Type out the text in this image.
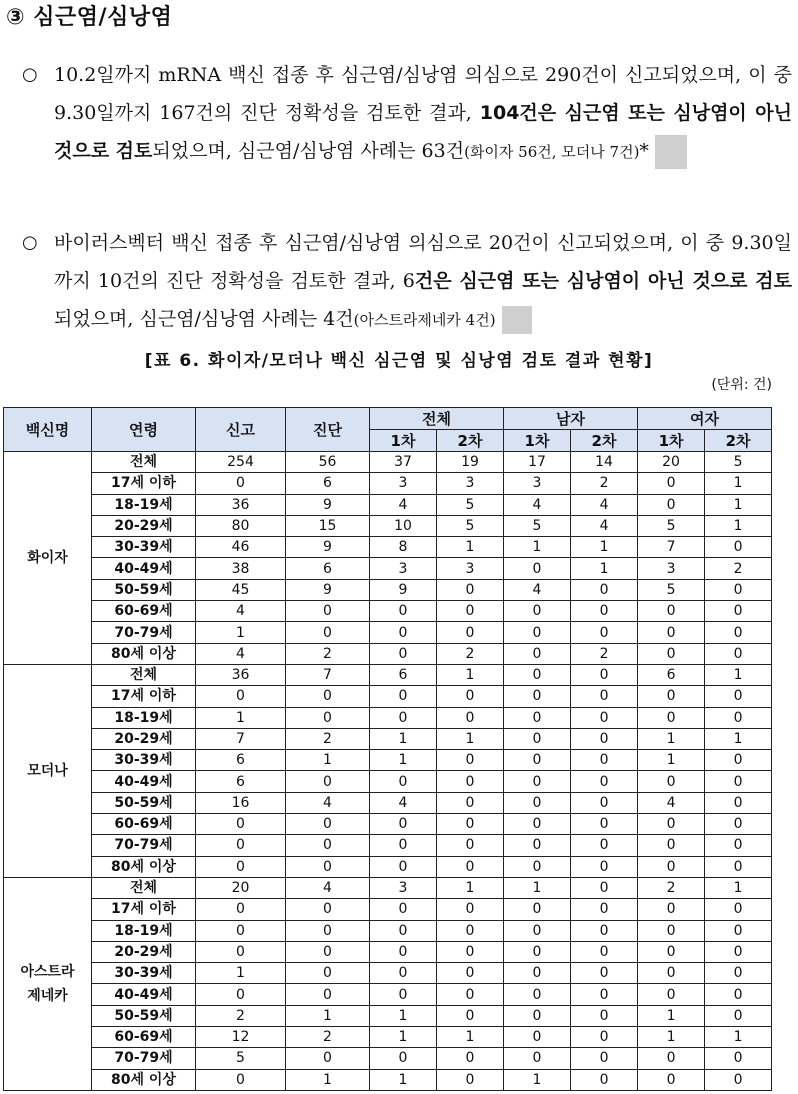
③ 심근염/심낭염
○ 10.2일까지 mRNA 백신 접종 후 심근염/심낭염 의심으로 290건이 신고되었으며, 이 중 9.30일까지 167건의 진단 정확성을 검토한 결과, 104건은 심근염 또는 심낭염이 아닌 것으로 검토되었으며, 심근염/심낭염 사례는 63건(화이자 56건, 모더나 7건)*
○ 바이러스벡터 백신 접종 후 심근염/심낭염 의심으로 20건이 신고되었으며, 이 중 9.30일까지 10건의 진단 정확성을 검토한 결과, 6건은 심근염 또는 심낭염이 아닌 것으로 검토되었으며, 심근염/심낭염 사례는 4건(아스트라제네카 4건)
[표 6. 화이자/모더나 백신 심근염 및 심낭염 검토 결과 현황]
(단위: 건)
백신명	연령	신고	진단	전체		남자		여자	
				1차	2차	1차	2차	1차	2차

화이자	전체	254	56	37	19	17	14	20	5
	17세 이하	0	6	3	3	3	2	0	1
	18-19세	36	9	4	5	4	4	0	1
	20-29세	80	15	10	5	5	4	5	1
	30-39세	46	9	8	1	1	1	7	0
	40-49세	38	6	3	3	0	1	3	2
	50-59세	45	9	9	0	4	0	5	0
	60-69세	4	0	0	0	0	0	0	0
	70-79세	1	0	0	0	0	0	0	0
	80세 이상	4	2	0	2	0	2	0	0

모더나	전체	36	7	6	1	0	0	6	1
	17세 이하	0	0	0	0	0	0	0	0
	18-19세	1	0	0	0	0	0	0	0
	20-29세	7	2	1	1	0	0	1	1
	30-39세	6	1	1	0	0	0	1	0
	40-49세	6	0	0	0	0	0	0	0
	50-59세	16	4	4	0	0	0	4	0
	60-69세	0	0	0	0	0	0	0	0
	70-79세	0	0	0	0	0	0	0	0
	80세 이상	0	0	0	0	0	0	0	0

아스트라
제네카	전체	20	4	3	1	1	0	2	1
	17세 이하	0	0	0	0	0	0	0	0
	18-19세	0	0	0	0	0	0	0	0
	20-29세	0	0	0	0	0	0	0	0
	30-39세	1	0	0	0	0	0	0	0
	40-49세	0	0	0	0	0	0	0	0
	50-59세	2	1	1	0	0	0	1	0
	60-69세	12	2	1	1	0	0	1	1
	70-79세	5	0	0	0	0	0	0	0
	80세 이상	0	1	1	0	1	0	0	0
